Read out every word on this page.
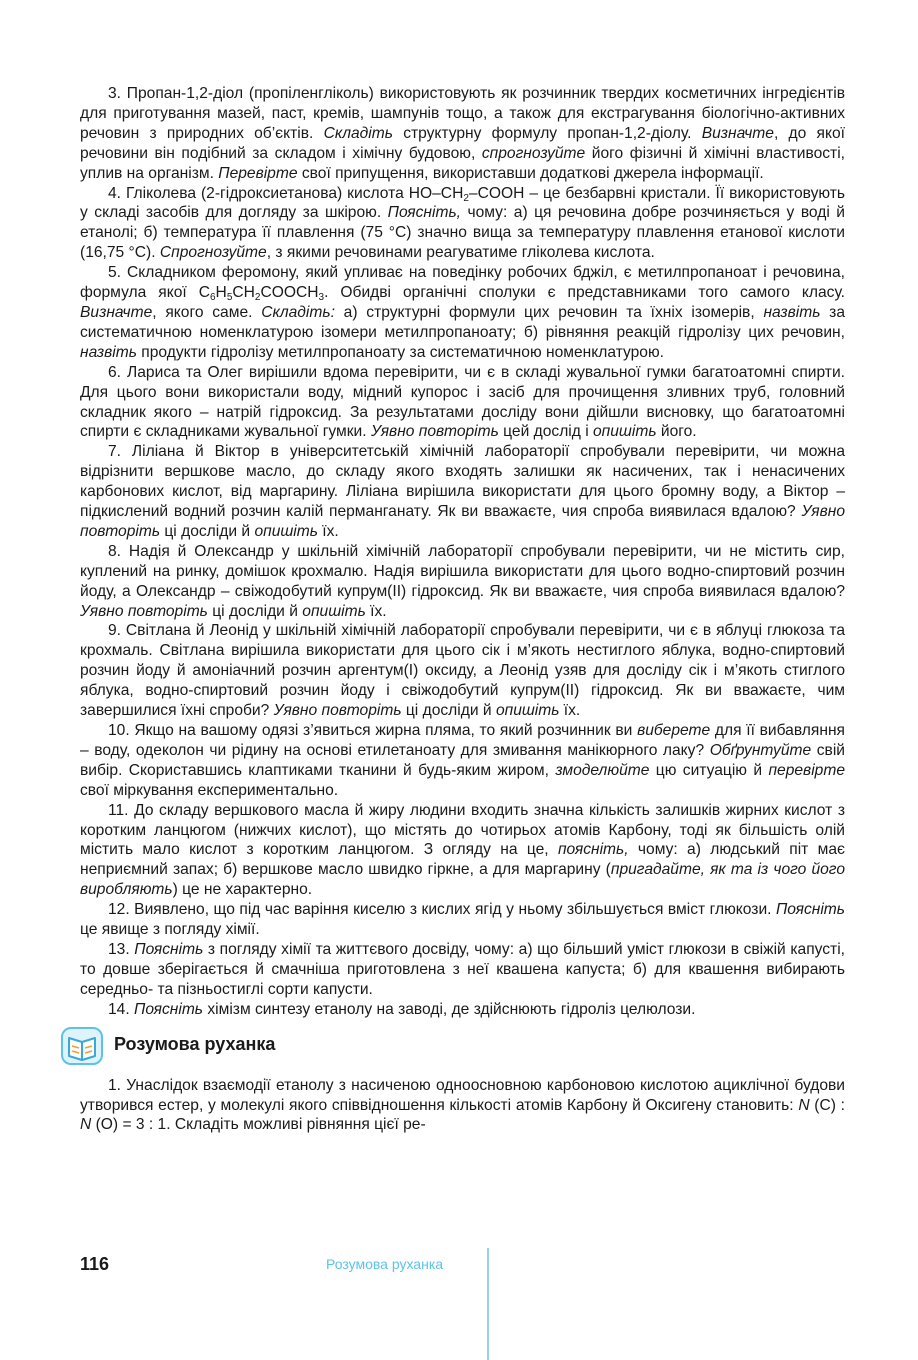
3. Пропан-1,2-діол (пропіленгліколь) використовують як розчинник твердих косметичних інгредієнтів для приготування мазей, паст, кремів, шампунів тощо, а також для екстрагування біологічно-активних речовин з природних об’єктів. Складіть структурну формулу пропан-1,2-діолу. Визначте, до якої речовини він подібний за складом і хімічну будовою, спрогнозуйте його фізичні й хімічні властивості, уплив на організм. Перевірте свої припущення, використавши додаткові джерела інформації.

4. Гліколева (2-гідроксиетанова) кислота $HO-CH_2$–COOH – це безбарвні кристали. Її використовують у складі засобів для догляду за шкірою. Поясніть, чому: а) ця речовина добре розчиняється у воді й етанолі; б) температура її плавлення (75 °С) значно вища за температуру плавлення етанової кислоти (16,75 °С). Спрогнозуйте, з якими речовинами реагуватиме гліколева кислота.

5. Складником феромону, який упливає на поведінку робочих бджіл, є метилпропаноат і речовина, формула якої $C_6H_5CH_2COOCH_3$. Обидві органічні сполуки є представниками того самого класу. Визначте, якого саме. Складіть: а) структурні формули цих речовин та їхніх ізомерів, назвіть за систематичною номенклатурою ізомери метилпропаноату; б) рівняння реакцій гідролізу цих речовин, назвіть продукти гідролізу метилпропаноату за систематичною номенклатурою.

6. Лариса та Олег вирішили вдома перевірити, чи є в складі жувальної гумки багатоатомні спирти. Для цього вони використали воду, мідний купорос і засіб для прочищення зливних труб, головний складник якого – натрій гідроксид. За результатами досліду вони дійшли висновку, що багатоатомні спирти є складниками жувальної гумки. Уявно повторіть цей дослід і опишіть його.

7. Ліліана й Віктор в університетській хімічній лабораторії спробували перевірити, чи можна відрізнити вершкове масло, до складу якого входять залишки як насичених, так і ненасичених карбонових кислот, від маргарину. Ліліана вирішила використати для цього бромну воду, а Віктор – підкислений водний розчин калій перманганату. Як ви вважаєте, чия спроба виявилася вдалою? Уявно повторіть ці досліди й опишіть їх.

8. Надія й Олександр у шкільній хімічній лабораторії спробували перевірити, чи не містить сир, куплений на ринку, домішок крохмалю. Надія вирішила використати для цього водно-спиртовий розчин йоду, а Олександр – свіжодобутий купрум(ІІ) гідроксид. Як ви вважаєте, чия спроба виявилася вдалою? Уявно повторіть ці досліди й опишіть їх.

9. Світлана й Леонід у шкільній хімічній лабораторії спробували перевірити, чи є в яблуці глюкоза та крохмаль. Світлана вирішила використати для цього сік і м’якоть нестиглого яблука, водно-спиртовий розчин йоду й амоніачний розчин аргентум(І) оксиду, а Леонід узяв для досліду сік і м’якоть стиглого яблука, водно-спиртовий розчин йоду і свіжодобутий купрум(ІІ) гідроксид. Як ви вважаєте, чим завершилися їхні спроби? Уявно повторіть ці досліди й опишіть їх.

10. Якщо на вашому одязі з’явиться жирна пляма, то який розчинник ви виберете для її вибавляння – воду, одеколон чи рідину на основі етилетаноату для змивання манікюрного лаку? Обґрунтуйте свій вибір. Скориставшись клаптиками тканини й будь-яким жиром, змоделюйте цю ситуацію й перевірте свої міркування експериментально.

11. До складу вершкового масла й жиру людини входить значна кількість залишків жирних кислот з коротким ланцюгом (нижчих кислот), що містять до чотирьох атомів Карбону, тоді як більшість олій містить мало кислот з коротким ланцюгом. З огляду на це, поясніть, чому: а) людський піт має неприємний запах; б) вершкове масло швидко гіркне, а для маргарину (пригадайте, як та із чого його виробляють) це не характерно.

12. Виявлено, що під час варіння киселю з кислих ягід у ньому збільшується вміст глюкози. Поясніть це явище з погляду хімії.

13. Поясніть з погляду хімії та життєвого досвіду, чому: а) що більший уміст глюкози в свіжій капусті, то довше зберігається й смачніша приготовлена з неї квашена капуста; б) для квашення вибирають середньо- та пізньостиглі сорти капусти.

14. Поясніть хімізм синтезу етанолу на заводі, де здійснюють гідроліз целюлози.

Розумова руханка

1. Унаслідок взаємодії етанолу з насиченою одноосновною карбоновою кислотою ациклічної будови утворився естер, у молекулі якого співвідношення кількості атомів Карбону й Оксигену становить: N (C) : N (O) = 3 : 1. Складіть можливі рівняння цієї ре-

116	Розумова руханка
